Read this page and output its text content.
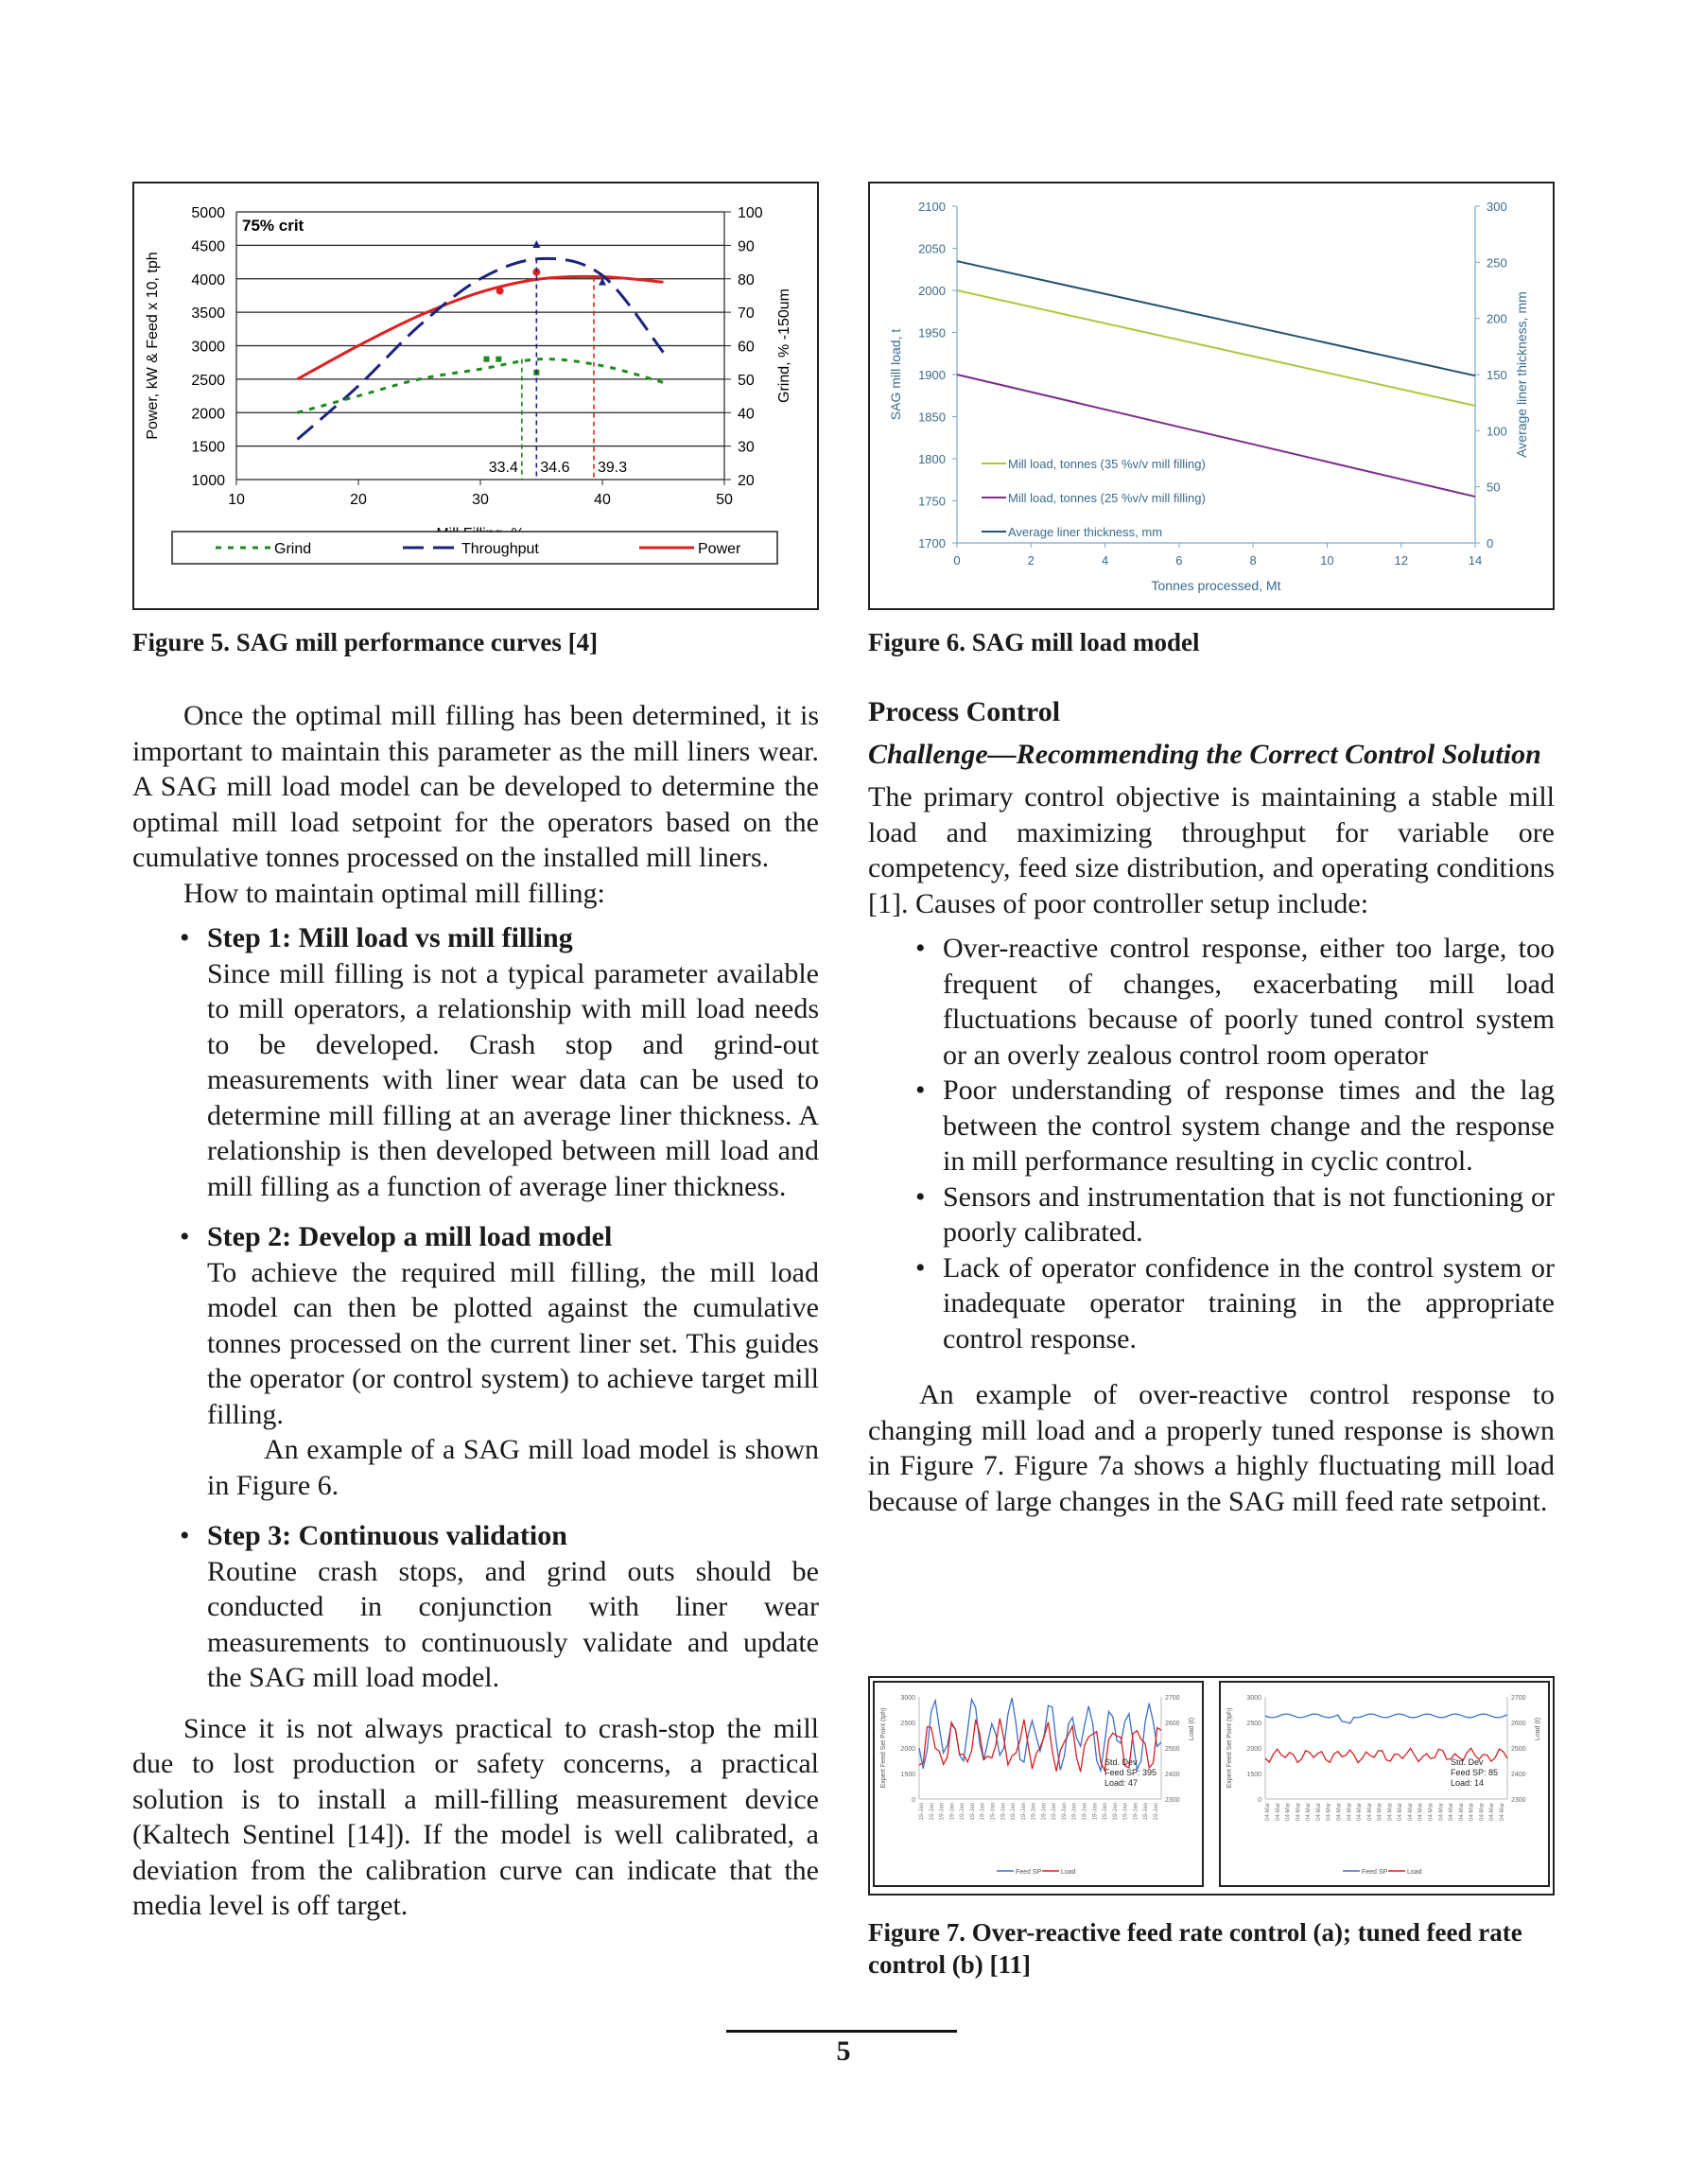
5000	100
4500	90
4000	80
3500	70
3000	60
2500	50
2000	40
1500	30
1000	20
10	20	30	40	50
Power, kW & Feed x 10, tph	Grind, % -150um
75% crit
33.4 34.6 39.3
Grind	Throughput	Power
Figure 5. SAG mill performance curves [4]
2100
2050
2000
1950
1900
1850
1800
1750
1700
300
250
200
150
100
50
0
0	2	4	6	8	10	12	14
Tonnes processed, Mt
SAG mill load, t	Average liner thickness, mm
Mill load, tonnes (35 %v/v mill filling)
Mill load, tonnes (25 %v/v mill filling)
Average liner thickness, mm
Figure 6. SAG mill load model

Once the optimal mill filling has been determined, it is important to maintain this parameter as the mill liners wear. A SAG mill load model can be developed to determine the optimal mill load setpoint for the operators based on the cumulative tonnes processed on the installed mill liners.

How to maintain optimal mill filling:

• Step 1: Mill load vs mill filling
Since mill filling is not a typical parameter available to mill operators, a relationship with mill load needs to be developed. Crash stop and grind-out measurements with liner wear data can be used to determine mill filling at an average liner thickness. A relationship is then developed between mill load and mill filling as a function of average liner thickness.
• Step 2: Develop a mill load model
To achieve the required mill filling, the mill load model can then be plotted against the cumulative tonnes processed on the current liner set. This guides the operator (or control system) to achieve target mill filling.
An example of a SAG mill load model is shown in Figure 6.
• Step 3: Continuous validation
Routine crash stops, and grind outs should be conducted in conjunction with liner wear measurements to continuously validate and update the SAG mill load model.

Since it is not always practical to crash-stop the mill due to lost production or safety concerns, a practical solution is to install a mill-filling measurement device (Kaltech Sentinel [14]). If the model is well calibrated, a deviation from the calibration curve can indicate that the media level is off target.

Process Control
Challenge—Recommending the Correct Control Solution

The primary control objective is maintaining a stable mill load and maximizing throughput for variable ore competency, feed size distribution, and operating conditions [1]. Causes of poor controller setup include:

• Over-reactive control response, either too large, too frequent of changes, exacerbating mill load fluctuations because of poorly tuned control system or an overly zealous control room operator
• Poor understanding of response times and the lag between the control system change and the response in mill performance resulting in cyclic control.
• Sensors and instrumentation that is not functioning or poorly calibrated.
• Lack of operator confidence in the control system or inadequate operator training in the appropriate control response.

An example of over-reactive control response to changing mill load and a properly tuned response is shown in Figure 7. Figure 7a shows a highly fluctuating mill load because of large changes in the SAG mill feed rate setpoint.

3000	2700
2500	2600
2000	2500
1500	2400
0	2300
Expert Feed Set Point (tph)	Load (t)
Std. Dev
Feed SP: 395
Load: 47
19-Jan 19-Jan 19-Jan 19-Jan 19-Jan 19-Jan 19-Jan 19-Jan 19-Jan 19-Jan 19-Jan 19-Jan 19-Jan 19-Jan 19-Jan 19-Jan 19-Jan 19-Jan 19-Jan 19-Jan 19-Jan 19-Jan 19-Jan 19-Jan
Feed SP	Load
3000	2700
2500	2600
2000	2500
1500	2400
0	2300
Expert Feed Set Point (tph)	Load (t)
Std. Dev
Feed SP: 85
Load: 14
04-Mar 04-Mar 04-Mar 04-Mar 04-Mar 04-Mar 04-Mar 04-Mar 04-Mar 04-Mar 04-Mar 04-Mar 04-Mar 04-Mar 04-Mar 04-Mar 04-Mar 04-Mar 04-Mar 04-Mar 04-Mar 04-Mar 04-Mar 04-Mar
Feed SP	Load
Figure 7. Over-reactive feed rate control (a); tuned feed rate control (b) [11]
5
